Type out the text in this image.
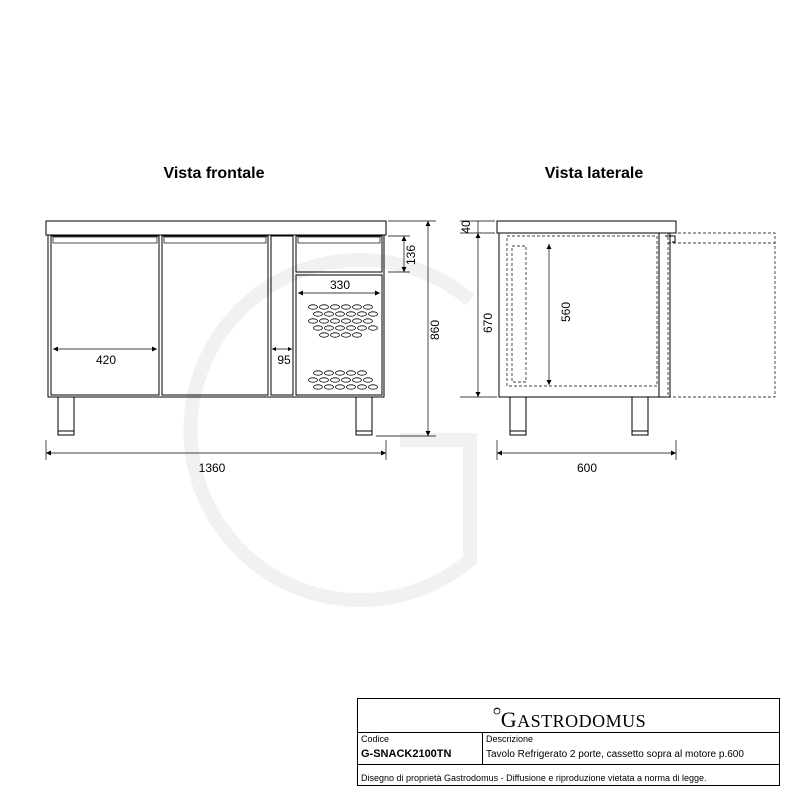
Vista frontale	Vista laterale
330
420	95
136
860
1360
560
40
670
600
GASTRODOMUS
Codice
G-SNACK2100TN
Descrizione
Tavolo Refrigerato 2 porte, cassetto sopra al motore p.600
Disegno di proprietà Gastrodomus - Diffusione e riproduzione vietata a norma di legge.
